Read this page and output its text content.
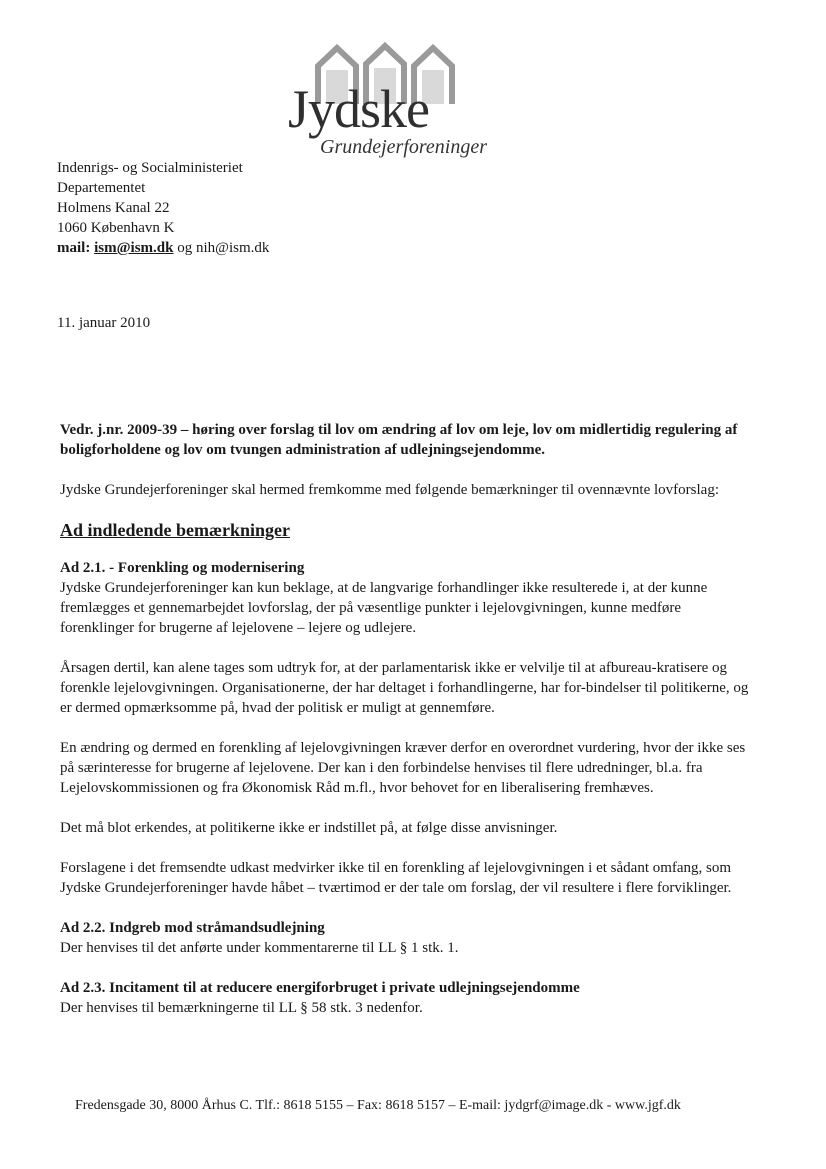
Jydske
Grundejerforeninger
Indenrigs- og Socialministeriet
Departementet
Holmens Kanal 22
1060 København K
mail: ism@ism.dk og nih@ism.dk
11. januar 2010

Vedr. j.nr. 2009-39 – høring over forslag til lov om ændring af lov om leje, lov om midlertidig regulering af boligforholdene og lov om tvungen administration af udlejningsejendomme.

Jydske Grundejerforeninger skal hermed fremkomme med følgende bemærkninger til ovennævnte lovforslag:

Ad indledende bemærkninger

Ad 2.1. - Forenkling og modernisering

Jydske Grundejerforeninger kan kun beklage, at de langvarige forhandlinger ikke resulterede i, at der kunne fremlægges et gennemarbejdet lovforslag, der på væsentlige punkter i lejelovgivningen, kunne medføre forenklinger for brugerne af lejelovene – lejere og udlejere.

Årsagen dertil, kan alene tages som udtryk for, at der parlamentarisk ikke er velvilje til at afbureau-kratisere og forenkle lejelovgivningen. Organisationerne, der har deltaget i forhandlingerne, har for-bindelser til politikerne, og er dermed opmærksomme på, hvad der politisk er muligt at gennemføre.

En ændring og dermed en forenkling af lejelovgivningen kræver derfor en overordnet vurdering, hvor der ikke ses på særinteresse for brugerne af lejelovene. Der kan i den forbindelse henvises til flere udredninger, bl.a. fra Lejelovskommissionen og fra Økonomisk Råd m.fl., hvor behovet for en liberalisering fremhæves.

Det må blot erkendes, at politikerne ikke er indstillet på, at følge disse anvisninger.

Forslagene i det fremsendte udkast medvirker ikke til en forenkling af lejelovgivningen i et sådant omfang, som Jydske Grundejerforeninger havde håbet – tværtimod er der tale om forslag, der vil resultere i flere forviklinger.

Ad 2.2. Indgreb mod stråmandsudlejning

Der henvises til det anførte under kommentarerne til LL § 1 stk. 1.

Ad 2.3. Incitament til at reducere energiforbruget i private udlejningsejendomme

Der henvises til bemærkningerne til LL § 58 stk. 3 nedenfor.

Fredensgade 30, 8000 Århus C. Tlf.: 8618 5155 – Fax: 8618 5157 – E-mail: jydgrf@image.dk - www.jgf.dk
